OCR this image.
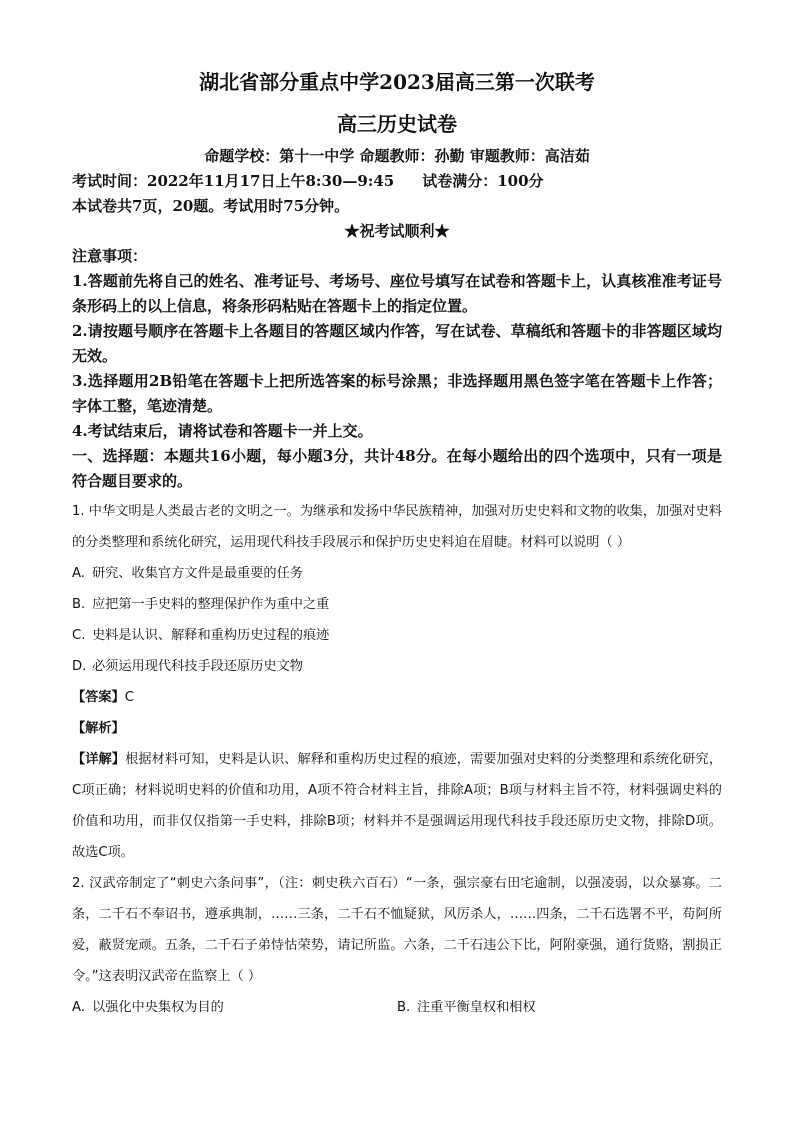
湖北省部分重点中学2023届高三第一次联考
高三历史试卷
命题学校：第十一中学 命题教师：孙勤 审题教师：高洁茹
考试时间：2022年11月17日上午8:30—9:45 试卷满分：100分
本试卷共7页，20题。考试用时75分钟。
★祝考试顺利★

注意事项：

1.答题前先将自己的姓名、准考证号、考场号、座位号填写在试卷和答题卡上，认真核准准考证号条形码上的以上信息，将条形码粘贴在答题卡上的指定位置。

2.请按题号顺序在答题卡上各题目的答题区域内作答，写在试卷、草稿纸和答题卡的非答题区域均无效。

3.选择题用2B铅笔在答题卡上把所选答案的标号涂黑；非选择题用黑色签字笔在答题卡上作答；字体工整，笔迹清楚。

4.考试结束后，请将试卷和答题卡一并上交。

一、选择题：本题共16小题，每小题3分，共计48分。在每小题给出的四个选项中，只有一项是符合题目要求的。

1. 中华文明是人类最古老的文明之一。为继承和发扬中华民族精神，加强对历史史料和文物的收集，加强对史料的分类整理和系统化研究，运用现代科技手段展示和保护历史史料迫在眉睫。材料可以说明（ ）

A. 研究、收集官方文件是最重要的任务

B. 应把第一手史料的整理保护作为重中之重

C. 史料是认识、解释和重构历史过程的痕迹

D. 必须运用现代科技手段还原历史文物

【答案】C

【解析】

【详解】根据材料可知，史料是认识、解释和重构历史过程的痕迹，需要加强对史料的分类整理和系统化研究，C项正确；材料说明史料的价值和功用，A项不符合材料主旨，排除A项；B项与材料主旨不符，材料强调史料的价值和功用，而非仅仅指第一手史料，排除B项；材料并不是强调运用现代科技手段还原历史文物，排除D项。故选C项。

2. 汉武帝制定了“刺史六条问事”，（注：刺史秩六百石）“一条，强宗豪右田宅逾制，以强凌弱，以众暴寡。二条，二千石不奉诏书，遵承典制，……三条，二千石不恤疑狱，风厉杀人，……四条，二千石选署不平，苟阿所爱，蔽贤宠顽。五条，二千石子弟恃怙荣势，请记所监。六条，二千石违公下比，阿附豪强，通行货赂，割损正令。”这表明汉武帝在监察上（ ）

A. 以强化中央集权为目的	B. 注重平衡皇权和相权
